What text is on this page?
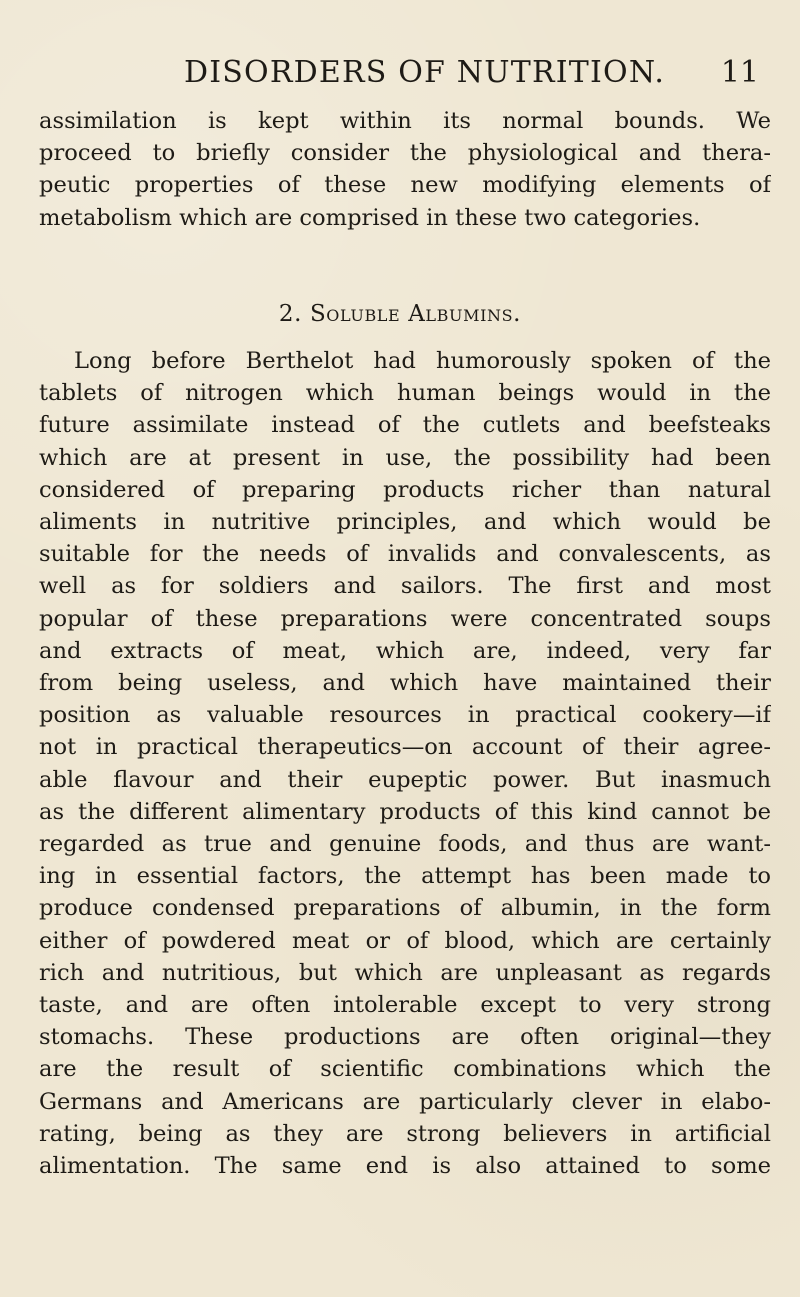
DISORDERS OF NUTRITION. 11
assimilation is kept within its normal bounds. We
proceed to briefly consider the physiological and thera-
peutic properties of these new modifying elements of
metabolism which are comprised in these two categories.
2. Soluble Albumins.
Long before Berthelot had humorously spoken of the
tablets of nitrogen which human beings would in the
future assimilate instead of the cutlets and beefsteaks
which are at present in use, the possibility had been
considered of preparing products richer than natural
aliments in nutritive principles, and which would be
suitable for the needs of invalids and convalescents, as
well as for soldiers and sailors. The first and most
popular of these preparations were concentrated soups
and extracts of meat, which are, indeed, very far
from being useless, and which have maintained their
position as valuable resources in practical cookery—if
not in practical therapeutics—on account of their agree-
able flavour and their eupeptic power. But inasmuch
as the different alimentary products of this kind cannot be
regarded as true and genuine foods, and thus are want-
ing in essential factors, the attempt has been made to
produce condensed preparations of albumin, in the form
either of powdered meat or of blood, which are certainly
rich and nutritious, but which are unpleasant as regards
taste, and are often intolerable except to very strong
stomachs. These productions are often original—they
are the result of scientific combinations which the
Germans and Americans are particularly clever in elabo-
rating, being as they are strong believers in artificial
alimentation. The same end is also attained to some
